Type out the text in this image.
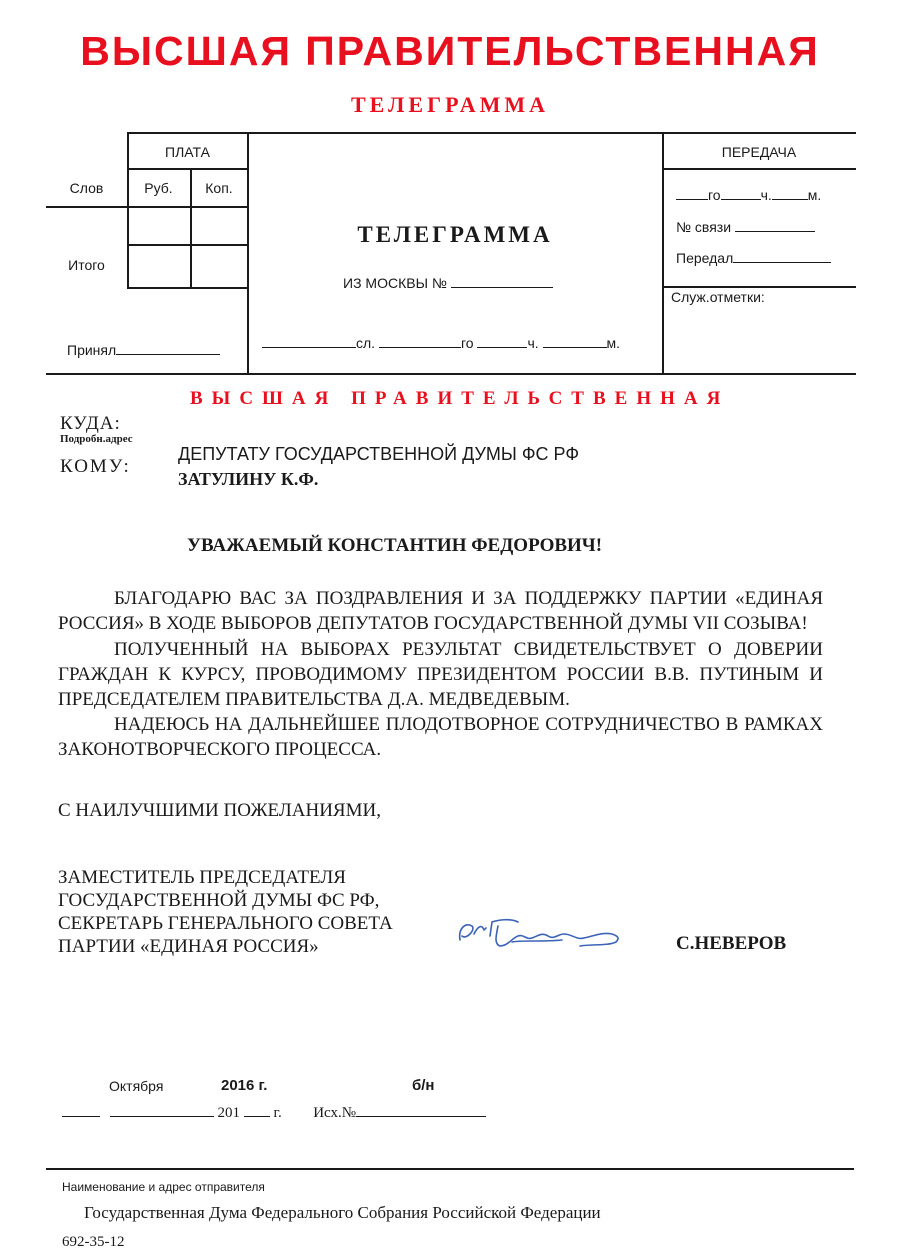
ВЫСШАЯ ПРАВИТЕЛЬСТВЕННАЯ
ТЕЛЕГРАММА
ПЛАТА
Слов	Руб.	Коп.
Итого
Принял
ТЕЛЕГРАММА
ИЗ МОСКВЫ №
сл.	го	ч.	м.
ПЕРЕДАЧА
го	ч.	м.
№ связи
Передал
Служ.отметки:
ВЫСШАЯ ПРАВИТЕЛЬСТВЕННАЯ
КУДА:
Подробн.адрес
КОМУ:
ДЕПУТАТУ ГОСУДАРСТВЕННОЙ ДУМЫ ФС РФ
ЗАТУЛИНУ К.Ф.
УВАЖАЕМЫЙ КОНСТАНТИН ФЕДОРОВИЧ!
БЛАГОДАРЮ ВАС ЗА ПОЗДРАВЛЕНИЯ И ЗА ПОДДЕРЖКУ ПАРТИИ «ЕДИНАЯ РОССИЯ» В ХОДЕ ВЫБОРОВ ДЕПУТАТОВ ГОСУДАРСТВЕННОЙ ДУМЫ VII СОЗЫВА!
ПОЛУЧЕННЫЙ НА ВЫБОРАХ РЕЗУЛЬТАТ СВИДЕТЕЛЬСТВУЕТ О ДОВЕРИИ ГРАЖДАН К КУРСУ, ПРОВОДИМОМУ ПРЕЗИДЕНТОМ РОССИИ В.В. ПУТИНЫМ И ПРЕДСЕДАТЕЛЕМ ПРАВИТЕЛЬСТВА Д.А. МЕДВЕДЕВЫМ.
НАДЕЮСЬ НА ДАЛЬНЕЙШЕЕ ПЛОДОТВОРНОЕ СОТРУДНИЧЕСТВО В РАМКАХ ЗАКОНОТВОРЧЕСКОГО ПРОЦЕССА.
С НАИЛУЧШИМИ ПОЖЕЛАНИЯМИ,
ЗАМЕСТИТЕЛЬ ПРЕДСЕДАТЕЛЯ
ГОСУДАРСТВЕННОЙ ДУМЫ ФС РФ,
СЕКРЕТАРЬ ГЕНЕРАЛЬНОГО СОВЕТА
ПАРТИИ «ЕДИНАЯ РОССИЯ»	С.НЕВЕРОВ
Октября	2016 г.	б/н
201 г. Исх.№
Наименование и адрес отправителя
Государственная Дума Федерального Собрания Российской Федерации
692-35-12
